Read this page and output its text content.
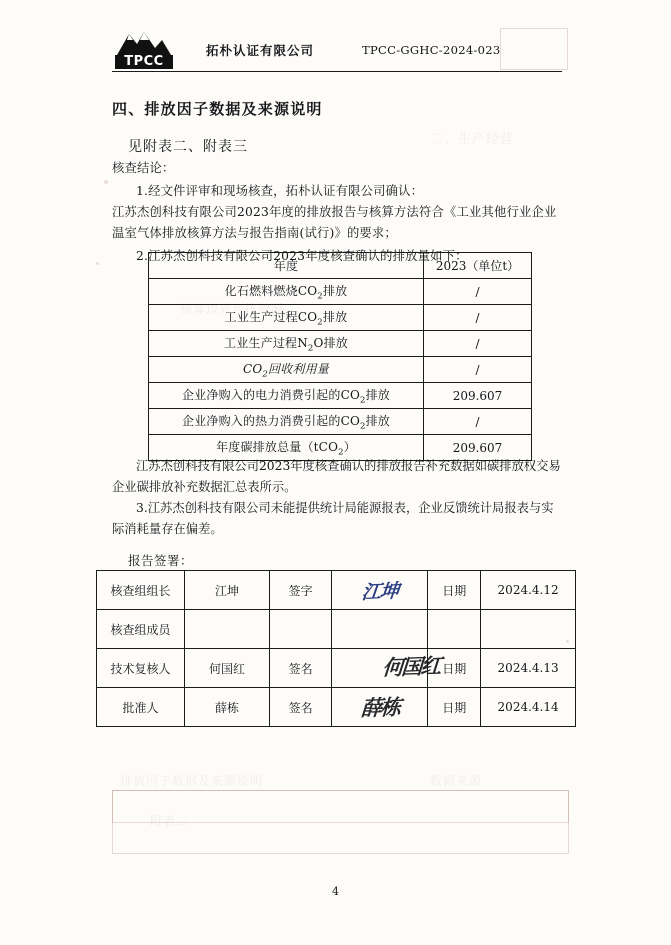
二、生产经营
核算边界与排放源
排放因子数据及来源说明	数据来源
附表二
TPCC
拓朴认证有限公司	TPCC-GGHC-2024-023
四、排放因子数据及来源说明
见附表二、附表三

核查结论：

1.经文件评审和现场核查，拓朴认证有限公司确认：

江苏杰创科技有限公司2023年度的排放报告与核算方法符合《工业其他行业企业温室气体排放核算方法与报告指南(试行)》的要求；

2.江苏杰创科技有限公司2023年度核查确认的排放量如下：

年度	2023（单位t）
化石燃料燃烧$CO_2$排放	/
工业生产过程$CO_2$排放	/
工业生产过程$N_2O$排放	/
$CO_2$回收利用量	/
企业净购入的电力消费引起的$CO_2$排放	209.607
企业净购入的热力消费引起的$CO_2$排放	/
年度碳排放总量（tCO$_2$）	209.607

江苏杰创科技有限公司2023年度核查确认的排放报告补充数据如碳排放权交易企业碳排放补充数据汇总表所示。

3.江苏杰创科技有限公司未能提供统计局能源报表，企业反馈统计局报表与实际消耗量存在偏差。

报告签署：
核查组组长	江坤	签字	江坤	日期	2024.4.12
核查组成员					
技术复核人	何国红	签名	何国红	日期	2024.4.13
批准人	薛栋	签名	薛栋	日期	2024.4.14
4
